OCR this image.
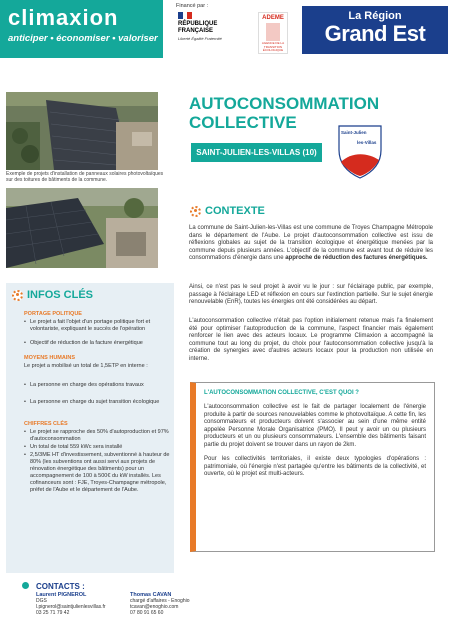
climaxion
anticiper • économiser • valoriser
Financé par :
RÉPUBLIQUE
FRANÇAISE
Liberté Égalité Fraternité
ADEME
AGENCE DE LA TRANSITION ÉCOLOGIQUE
La Région
Grand Est
Exemple de projets d'installation de panneaux solaires photovoltaïques sur des toitures de bâtiments de la commune.
AUTOCONSOMMATION
COLLECTIVE
SAINT-JULIEN-LES-VILLAS (10)
Saint-Julien
les-Villas
CONTEXTE
La commune de Saint-Julien-les-Villas est une commune de Troyes Champagne Métropole dans le département de l'Aube. Le projet d'autoconsommation collective est issu de réflexions globales au sujet de la transition écologique et énergétique menées par la commune depuis plusieurs années. L'objectif de la commune est avant tout de réduire les consommations d'énergie dans une approche de réduction des factures énergétiques.
Ainsi, ce n'est pas le seul projet à avoir vu le jour : sur l'éclairage public, par exemple, passage à l'éclairage LED et réflexion en cours sur l'extinction partielle. Sur le sujet énergie renouvelable (EnR), toutes les énergies ont été considérées au départ.
L'autoconsommation collective n'était pas l'option initialement retenue mais l'a finalement été pour optimiser l'autoproduction de la commune, l'aspect financier mais également renforcer le lien avec des acteurs locaux. Le programme Climaxion a accompagné la commune tout au long du projet, du choix pour l'autoconsommation collective jusqu'à la création de synergies avec d'autres acteurs locaux pour la production non utilisée en interne.
L'AUTOCONSOMMATION COLLECTIVE, C'EST QUOI ?

L'autoconsommation collective est le fait de partager localement de l'énergie produite à partir de sources renouvelables comme le photovoltaïque. A cette fin, les consommateurs et producteurs doivent s'associer au sein d'une même entité appelée Personne Morale Organisatrice (PMO). Il peut y avoir un ou plusieurs producteurs et un ou plusieurs consommateurs. L'ensemble des bâtiments faisant partie du projet doivent se trouver dans un rayon de 2km.

Pour les collectivités territoriales, il existe deux typologies d'opérations : patrimoniale, où l'énergie n'est partagée qu'entre les bâtiments de la collectivité, et ouverte, où le projet est multi-acteurs.

INFOS CLÉS
PORTAGE POLITIQUE
• Le projet a fait l'objet d'un portage politique fort et volontariste, expliquant le succès de l'opération
• Objectif de réduction de la facture énergétique
MOYENS HUMAINS
Le projet a mobilisé un total de 1,5ETP en interne :
• La personne en charge des opérations travaux
• La personne en charge du sujet transition écologique
CHIFFRES CLÉS
• Le projet se rapproche des 50% d'autoproduction et 97% d'autoconsommation
• Un total de total 559 kWc sera installé
• 2,5/3ME HT d'investissement, subventionné à hauteur de 80% (les subventions ont aussi servi aux projets de rénovation énergétique des bâtiments) pour un accompagnement de 100 à 500€ du kW installés. Les cofinanceurs sont : FJE, Troyes-Champagne métropole, préfet de l'Aube et le département de l'Aube.
CONTACTS :
Laurent PIGNEROL
DGS
l.pignerol@saintjulienlesvillas.fr
03 25 71 79 42
Thomas CAVAN
chargé d'affaires - Enoghio
tcavan@enoghio.com
07 80 91 65 60
